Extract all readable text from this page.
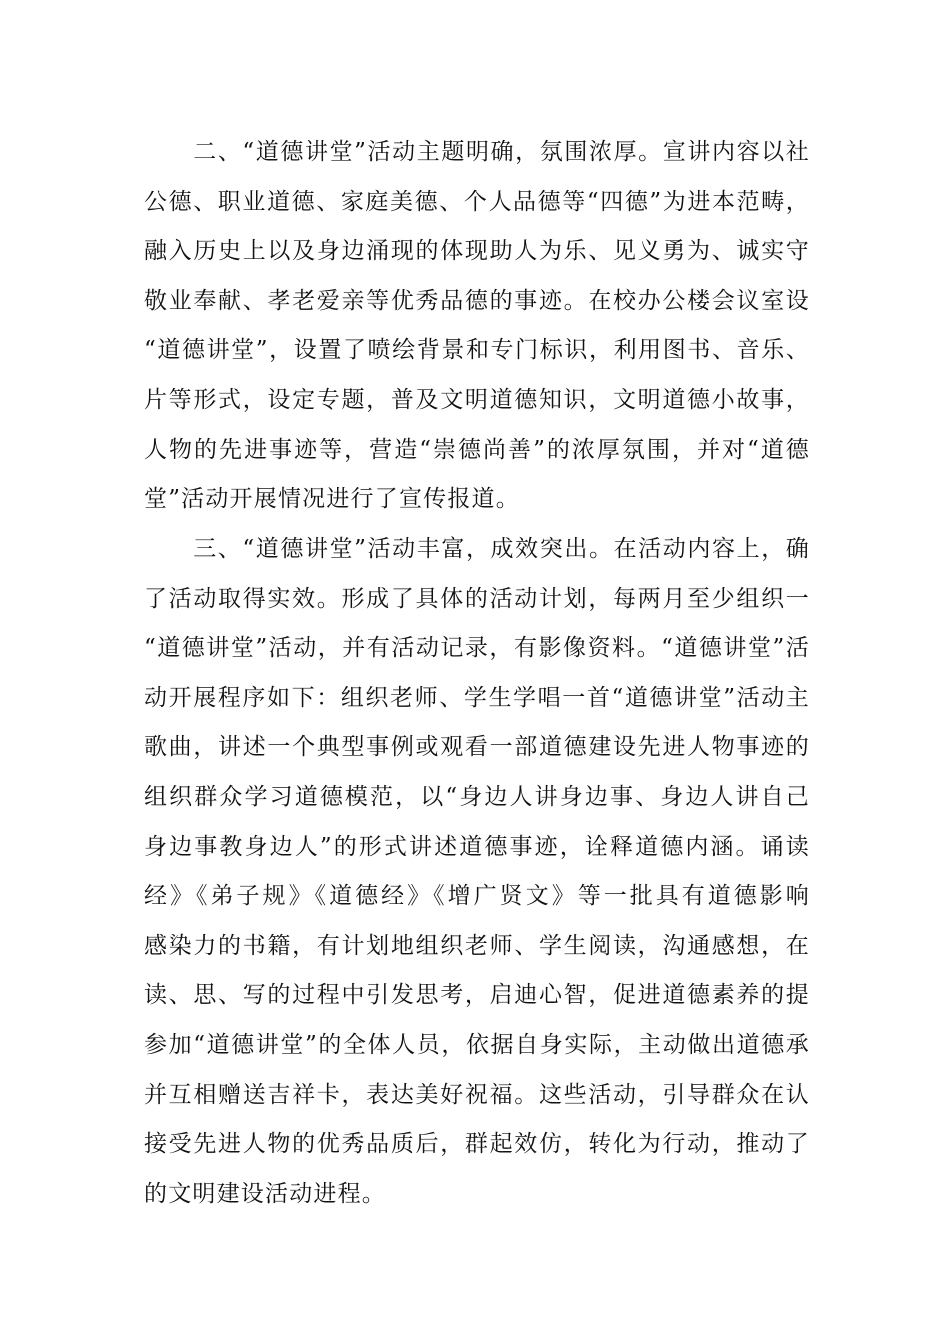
　　二、“道德讲堂”活动主题明确，氛围浓厚。宣讲内容以社
公德、职业道德、家庭美德、个人品德等“四德”为进本范畴，
融入历史上以及身边涌现的体现助人为乐、见义勇为、诚实守
敬业奉献、孝老爱亲等优秀品德的事迹。在校办公楼会议室设
“道德讲堂”，设置了喷绘背景和专门标识，利用图书、音乐、
片等形式，设定专题，普及文明道德知识，文明道德小故事，
人物的先进事迹等，营造“崇德尚善”的浓厚氛围，并对“道德
堂”活动开展情况进行了宣传报道。
　　三、“道德讲堂”活动丰富，成效突出。在活动内容上，确
了活动取得实效。形成了具体的活动计划，每两月至少组织一
“道德讲堂”活动，并有活动记录，有影像资料。“道德讲堂”活
动开展程序如下：组织老师、学生学唱一首“道德讲堂”活动主
歌曲，讲述一个典型事例或观看一部道德建设先进人物事迹的
组织群众学习道德模范，以“身边人讲身边事、身边人讲自己
身边事教身边人”的形式讲述道德事迹，诠释道德内涵。诵读
经》《弟子规》《道德经》《增广贤文》等一批具有道德影响
感染力的书籍，有计划地组织老师、学生阅读，沟通感想，在
读、思、写的过程中引发思考，启迪心智，促进道德素养的提
参加“道德讲堂”的全体人员，依据自身实际，主动做出道德承
并互相赠送吉祥卡，表达美好祝福。这些活动，引导群众在认
接受先进人物的优秀品质后，群起效仿，转化为行动，推动了
的文明建设活动进程。
